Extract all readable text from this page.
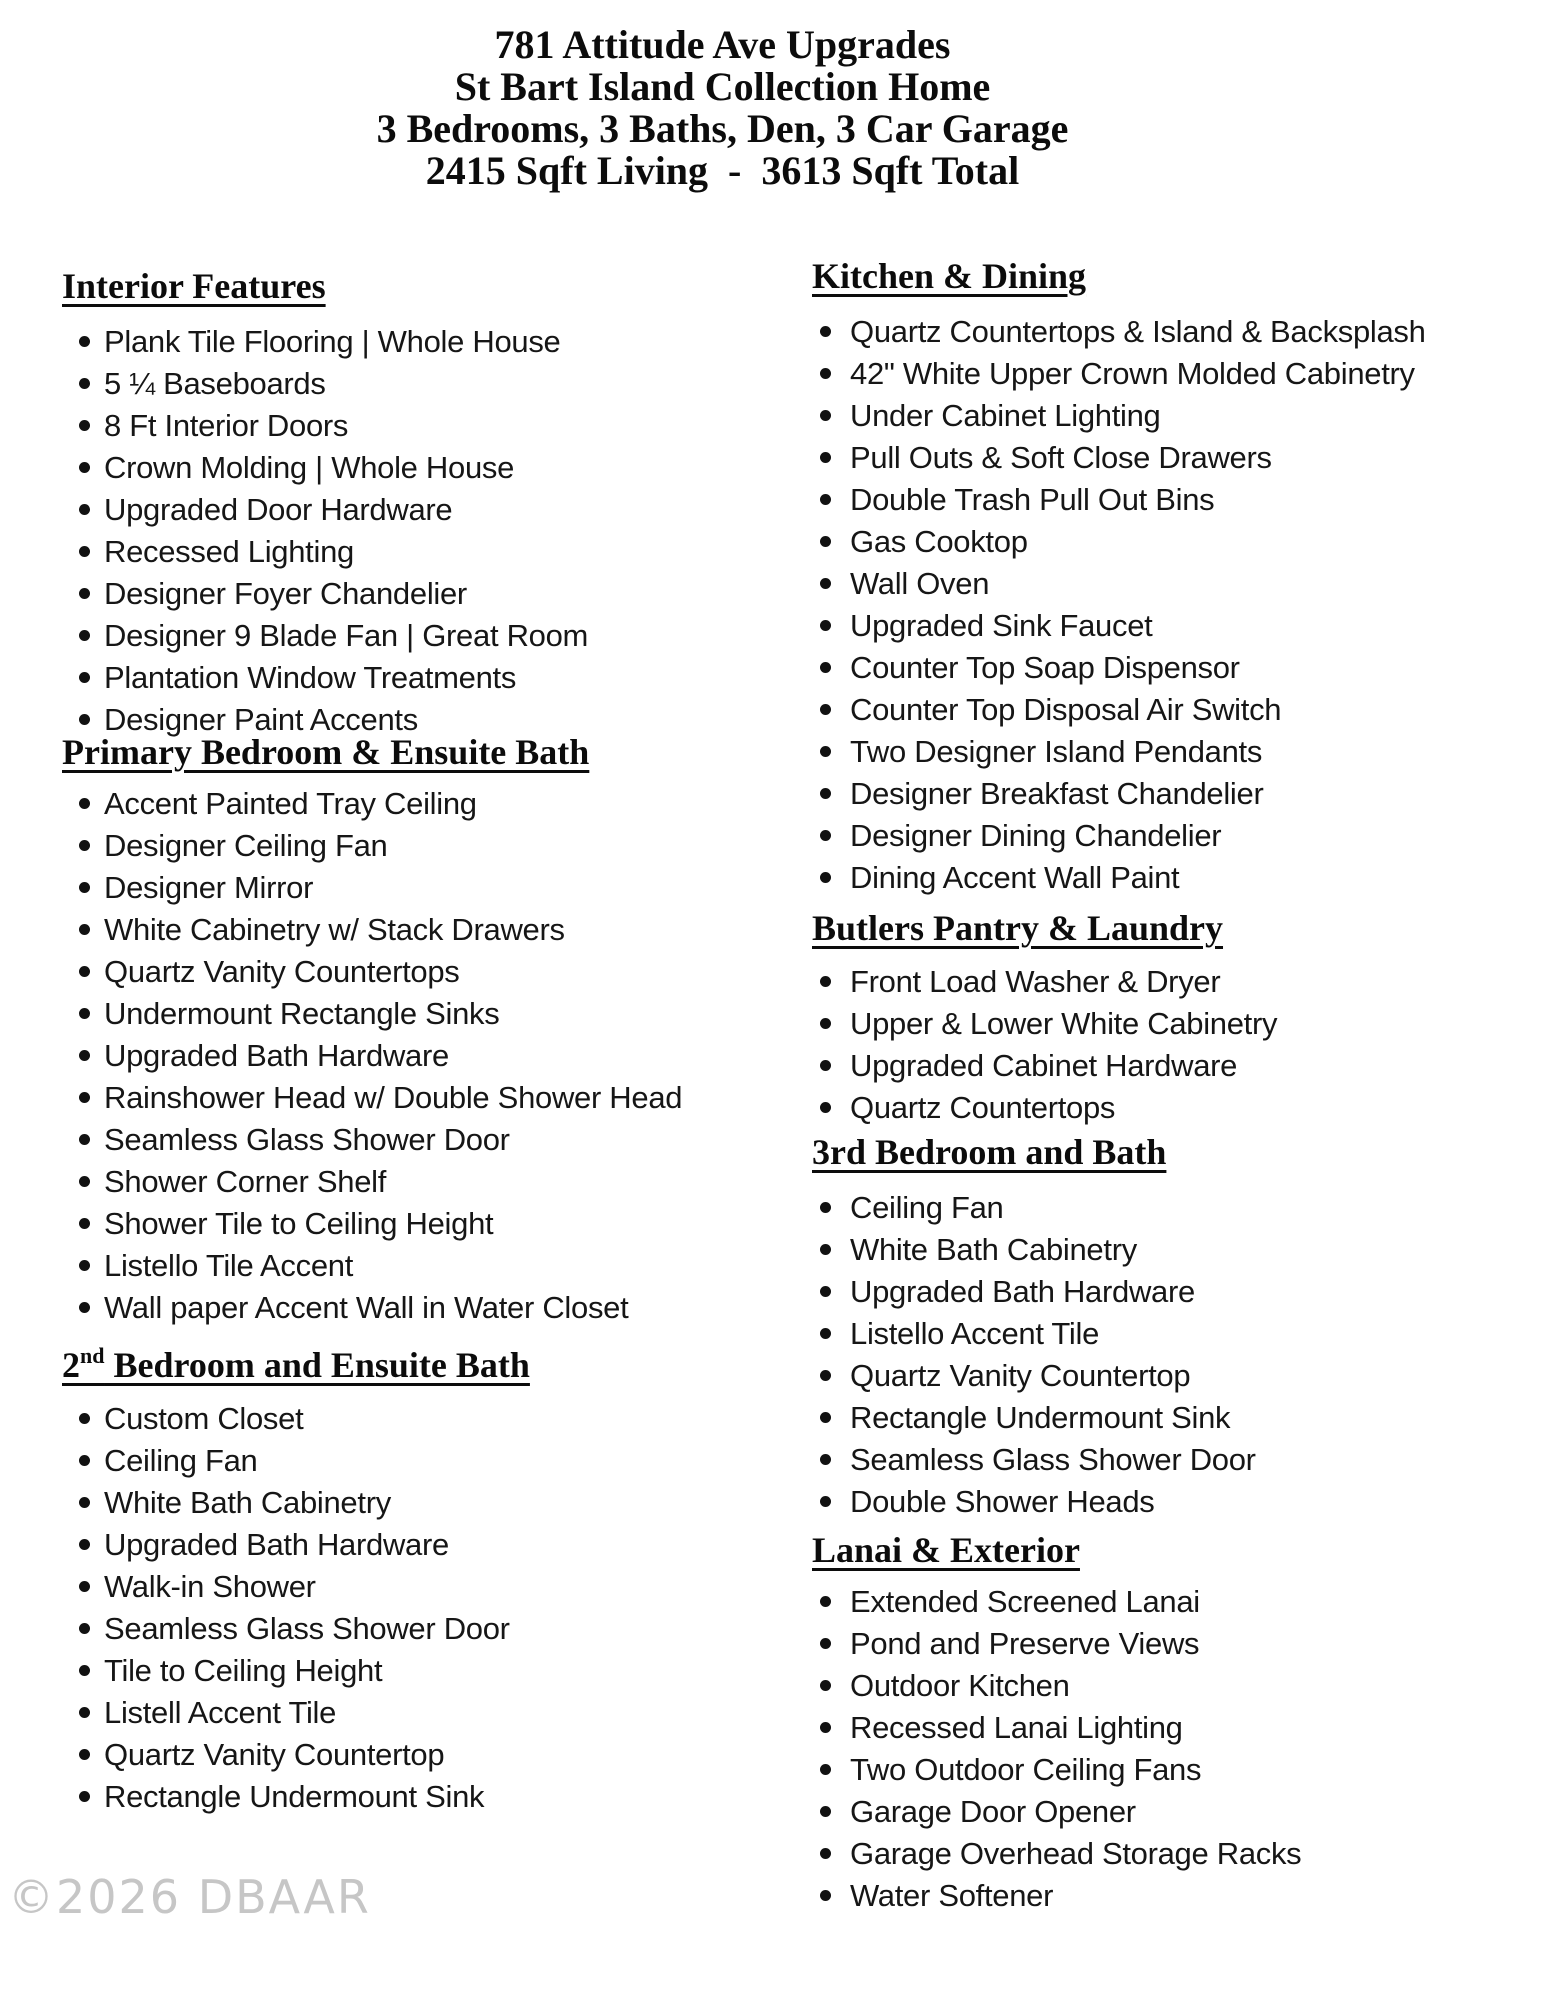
781 Attitude Ave Upgrades
St Bart Island Collection Home
3 Bedrooms, 3 Baths, Den, 3 Car Garage
2415 Sqft Living  -  3613 Sqft Total
Interior Features
Plank Tile Flooring | Whole House
5 ¼ Baseboards
8 Ft Interior Doors
Crown Molding | Whole House
Upgraded Door Hardware
Recessed Lighting
Designer Foyer Chandelier
Designer 9 Blade Fan | Great Room
Plantation Window Treatments
Designer Paint Accents
Primary Bedroom & Ensuite Bath
Accent Painted Tray Ceiling
Designer Ceiling Fan
Designer Mirror
White Cabinetry w/ Stack Drawers
Quartz Vanity Countertops
Undermount Rectangle Sinks
Upgraded Bath Hardware
Rainshower Head w/ Double Shower Head
Seamless Glass Shower Door
Shower Corner Shelf
Shower Tile to Ceiling Height
Listello Tile Accent
Wall paper Accent Wall in Water Closet
2nd Bedroom and Ensuite Bath
Custom Closet
Ceiling Fan
White Bath Cabinetry
Upgraded Bath Hardware
Walk-in Shower
Seamless Glass Shower Door
Tile to Ceiling Height
Listell Accent Tile
Quartz Vanity Countertop
Rectangle Undermount Sink
Kitchen & Dining
Quartz Countertops & Island & Backsplash
42" White Upper Crown Molded Cabinetry
Under Cabinet Lighting
Pull Outs & Soft Close Drawers
Double Trash Pull Out Bins
Gas Cooktop
Wall Oven
Upgraded Sink Faucet
Counter Top Soap Dispensor
Counter Top Disposal Air Switch
Two Designer Island Pendants
Designer Breakfast Chandelier
Designer Dining Chandelier
Dining Accent Wall Paint
Butlers Pantry & Laundry
Front Load Washer & Dryer
Upper & Lower White Cabinetry
Upgraded Cabinet Hardware
Quartz Countertops
3rd Bedroom and Bath
Ceiling Fan
White Bath Cabinetry
Upgraded Bath Hardware
Listello Accent Tile
Quartz Vanity Countertop
Rectangle Undermount Sink
Seamless Glass Shower Door
Double Shower Heads
Lanai & Exterior
Extended Screened Lanai
Pond and Preserve Views
Outdoor Kitchen
Recessed Lanai Lighting
Two Outdoor Ceiling Fans
Garage Door Opener
Garage Overhead Storage Racks
Water Softener
©2026 DBAAR
